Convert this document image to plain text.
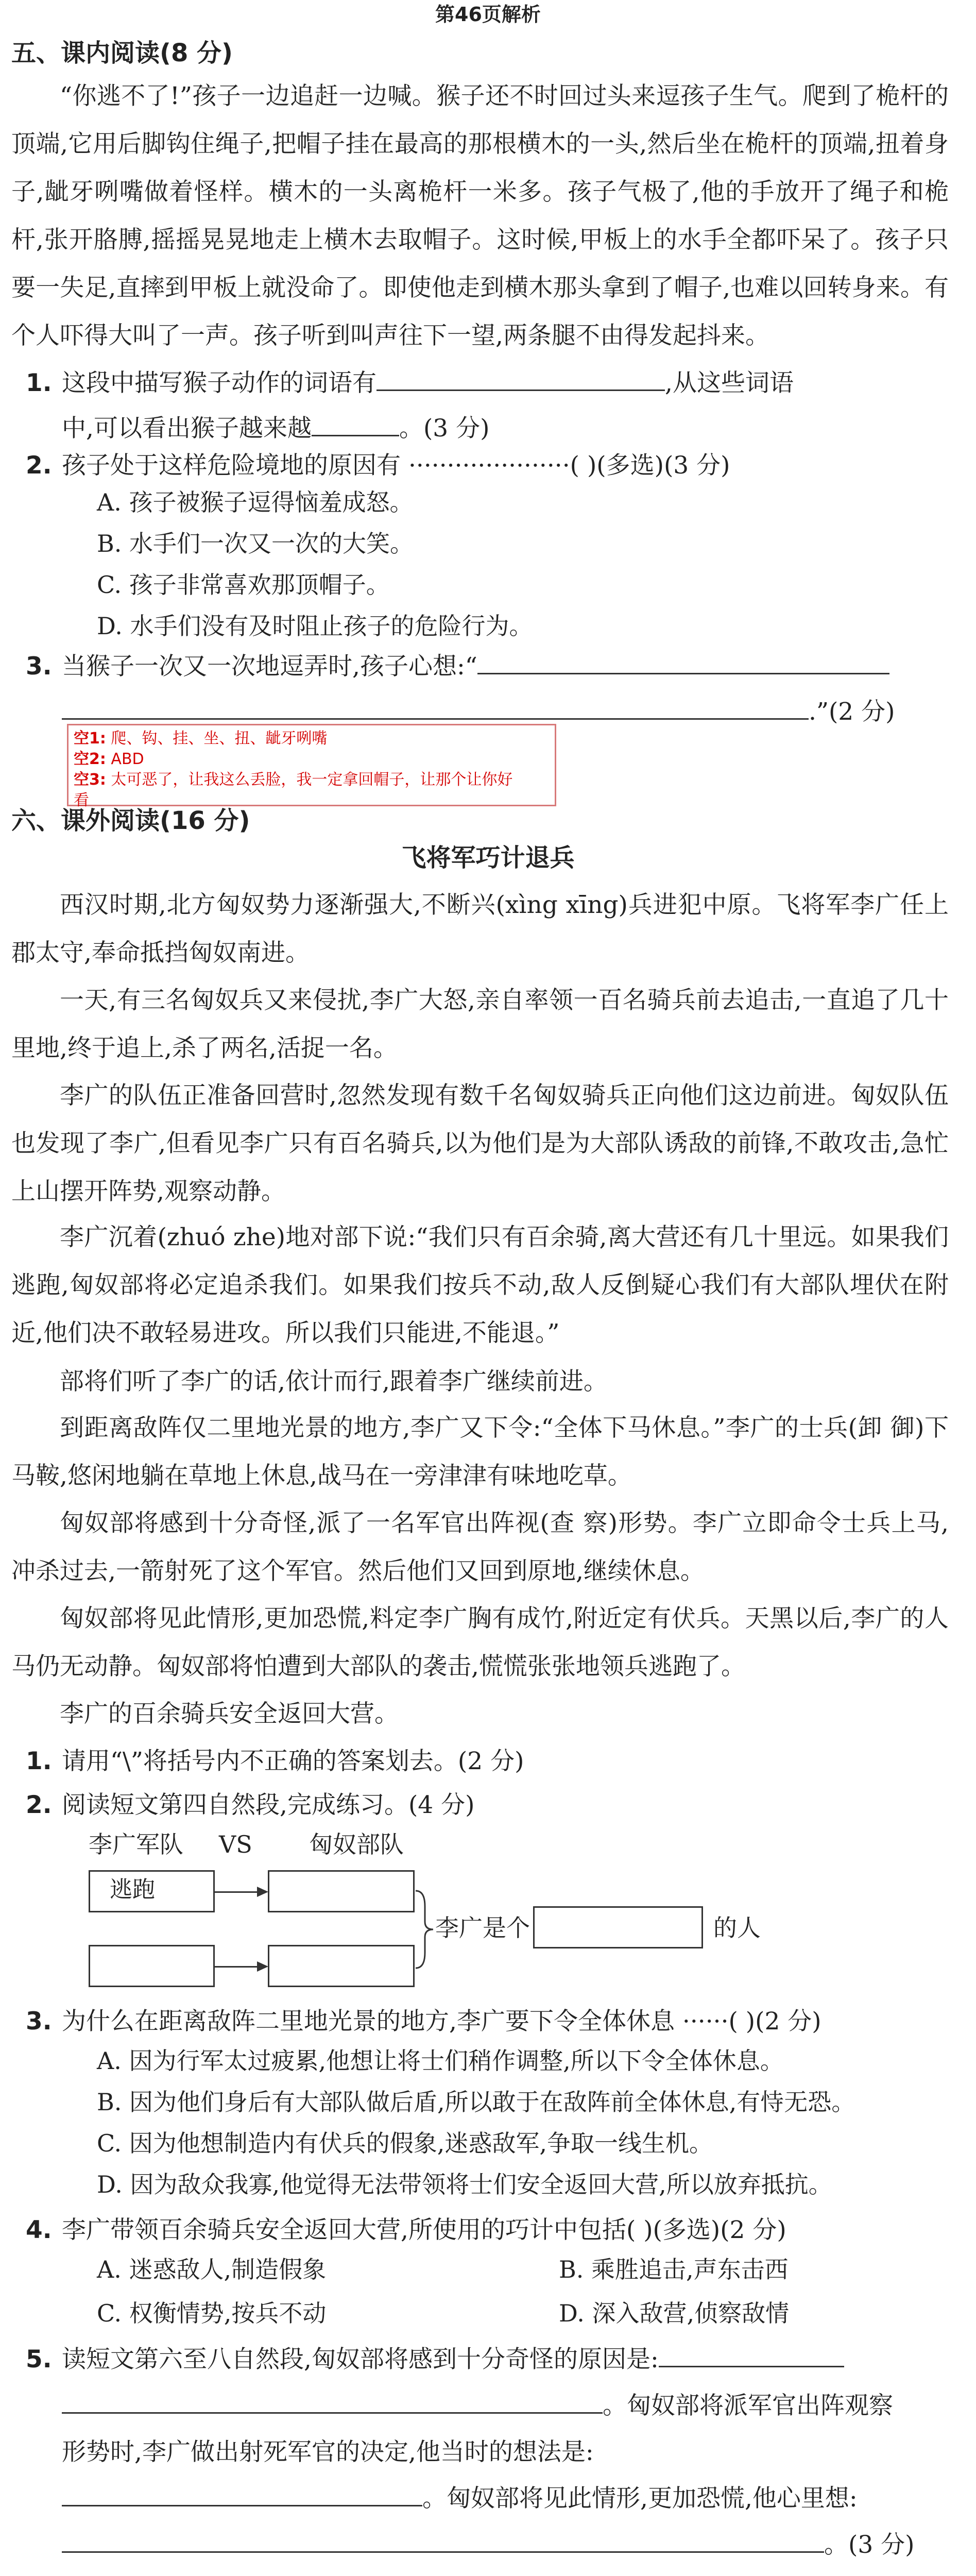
第46页解析
五、课内阅读(8 分)

“你逃不了!”孩子一边追赶一边喊。猴子还不时回过头来逗孩子生气。爬到了桅杆的顶端,它用后脚钩住绳子,把帽子挂在最高的那根横木的一头,然后坐在桅杆的顶端,扭着身子,龇牙咧嘴做着怪样。横木的一头离桅杆一米多。孩子气极了,他的手放开了绳子和桅杆,张开胳膊,摇摇晃晃地走上横木去取帽子。这时候,甲板上的水手全都吓呆了。孩子只要一失足,直摔到甲板上就没命了。即使他走到横木那头拿到了帽子,也难以回转身来。有个人吓得大叫了一声。孩子听到叫声往下一望,两条腿不由得发起抖来。

1. 这段中描写猴子动作的词语有	,从这些词语
中,可以看出猴子越来越	。(3 分)

2. 孩子处于这样危险境地的原因有 ·····················( )(多选)(3 分)

A. 孩子被猴子逗得恼羞成怒。

B. 水手们一次又一次的大笑。

C. 孩子非常喜欢那顶帽子。

D. 水手们没有及时阻止孩子的危险行为。

3. 当猴子一次又一次地逗弄时,孩子心想:“
.”(2 分)

空1: 爬、钩、挂、坐、扭、龇牙咧嘴
空2: ABD
空3: 太可恶了，让我这么丢脸，我一定拿回帽子，让那个让你好
看
六、课外阅读(16 分)
飞将军巧计退兵

西汉时期,北方匈奴势力逐渐强大,不断兴(xìng xīng)兵进犯中原。飞将军李广任上郡太守,奉命抵挡匈奴南进。

一天,有三名匈奴兵又来侵扰,李广大怒,亲自率领一百名骑兵前去追击,一直追了几十里地,终于追上,杀了两名,活捉一名。

李广的队伍正准备回营时,忽然发现有数千名匈奴骑兵正向他们这边前进。匈奴队伍也发现了李广,但看见李广只有百名骑兵,以为他们是为大部队诱敌的前锋,不敢攻击,急忙上山摆开阵势,观察动静。

李广沉着(zhuó zhe)地对部下说:“我们只有百余骑,离大营还有几十里远。如果我们逃跑,匈奴部将必定追杀我们。如果我们按兵不动,敌人反倒疑心我们有大部队埋伏在附近,他们决不敢轻易进攻。所以我们只能进,不能退。”

部将们听了李广的话,依计而行,跟着李广继续前进。

到距离敌阵仅二里地光景的地方,李广又下令:“全体下马休息。”李广的士兵(卸 御)下马鞍,悠闲地躺在草地上休息,战马在一旁津津有味地吃草。

匈奴部将感到十分奇怪,派了一名军官出阵视(查 察)形势。李广立即命令士兵上马,冲杀过去,一箭射死了这个军官。然后他们又回到原地,继续休息。

匈奴部将见此情形,更加恐慌,料定李广胸有成竹,附近定有伏兵。天黑以后,李广的人马仍无动静。匈奴部将怕遭到大部队的袭击,慌慌张张地领兵逃跑了。

李广的百余骑兵安全返回大营。

1. 请用“\”将括号内不正确的答案划去。(2 分)

2. 阅读短文第四自然段,完成练习。(4 分)

李广军队 VS 匈奴部队
逃跑
李广是个	的人

3. 为什么在距离敌阵二里地光景的地方,李广要下令全体休息 ······( )(2 分)

A. 因为行军太过疲累,他想让将士们稍作调整,所以下令全体休息。

B. 因为他们身后有大部队做后盾,所以敢于在敌阵前全体休息,有恃无恐。

C. 因为他想制造内有伏兵的假象,迷惑敌军,争取一线生机。

D. 因为敌众我寡,他觉得无法带领将士们安全返回大营,所以放弃抵抗。

4. 李广带领百余骑兵安全返回大营,所使用的巧计中包括( )(多选)(2 分)

A. 迷惑敌人,制造假象	B. 乘胜追击,声东击西

C. 权衡情势,按兵不动	D. 深入敌营,侦察敌情

5. 读短文第六至八自然段,匈奴部将感到十分奇怪的原因是:
。匈奴部将派军官出阵观察
形势时,李广做出射死军官的决定,他当时的想法是:
。匈奴部将见此情形,更加恐慌,他心里想:
。(3 分)
